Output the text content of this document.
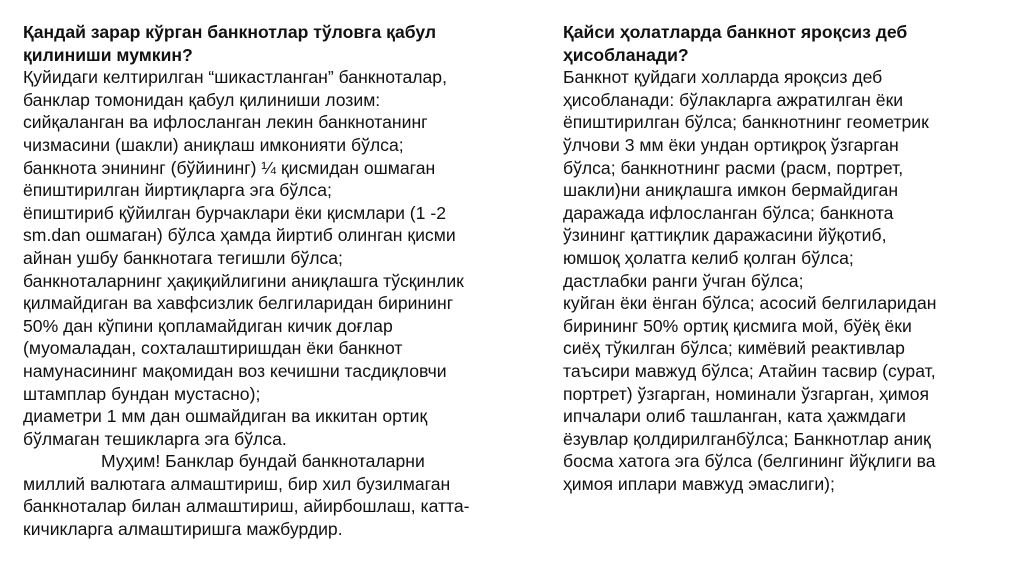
Қандай зарар кўрган банкнотлар тўловга қабул
қилиниши мумкин?
Қуйидаги келтирилган “шикастланган” банкноталар,
банклар томонидан қабул қилиниши лозим:
сийқаланган ва ифлосланган лекин банкнотанинг
чизмасини (шакли) аниқлаш имконияти бўлса;
банкнота энининг (бўйининг) ¼ қисмидан ошмаган
ёпиштирилган йиртиқларга эга бўлса;
ёпиштириб қўйилган бурчаклари ёки қисмлари (1 -2
sm.dan ошмаган) бўлса ҳамда йиртиб олинган қисми
айнан ушбу банкнотага тегишли бўлса;
банкноталарнинг ҳақиқийлигини аниқлашга тўсқинлик
қилмайдиган ва хавфсизлик белгиларидан бирининг
50% дан кўпини қопламайдиган кичик доғлар
(муомаладан, сохталаштиришдан ёки банкнот
намунасининг мақомидан воз кечишни тасдиқловчи
штамплар бундан мустасно);
диаметри 1 мм дан ошмайдиган ва иккитан ортиқ
бўлмаган тешикларга эга бўлса.
Муҳим! Банклар бундай банкноталарни
миллий валютага алмаштириш, бир хил бузилмаган
банкноталар билан алмаштириш, айирбошлаш, катта-
кичикларга алмаштиришга мажбурдир.
Қайси ҳолатларда банкнот яроқсиз деб
ҳисобланади?
Банкнот қуйдаги холларда яроқсиз деб
ҳисобланади: бўлакларга ажратилган ёки
ёпиштирилган бўлса; банкнотнинг геометрик
ўлчови 3 мм ёки ундан ортиқроқ ўзгарган
бўлса; банкнотнинг расми (расм, портрет,
шакли)ни аниқлашга имкон бермайдиган
даражада ифлосланган бўлса; банкнота
ўзининг қаттиқлик даражасини йўқотиб,
юмшоқ ҳолатга келиб қолган бўлса;
дастлабки ранги ўчган бўлса;
куйган ёки ёнган бўлса; асосий белгиларидан
бирининг 50% ортиқ қисмига мой, бўёқ ёки
сиёҳ тўкилган бўлса; кимёвий реактивлар
таъсири мавжуд бўлса; Атайин тасвир (сурат,
портрет) ўзгарган, номинали ўзгарган, ҳимоя
ипчалари олиб ташланган, ката ҳажмдаги
ёзувлар қолдирилганбўлса; Банкнотлар аниқ
босма хатога эга бўлса (белгининг йўқлиги ва
ҳимоя иплари мавжуд эмаслиги);
